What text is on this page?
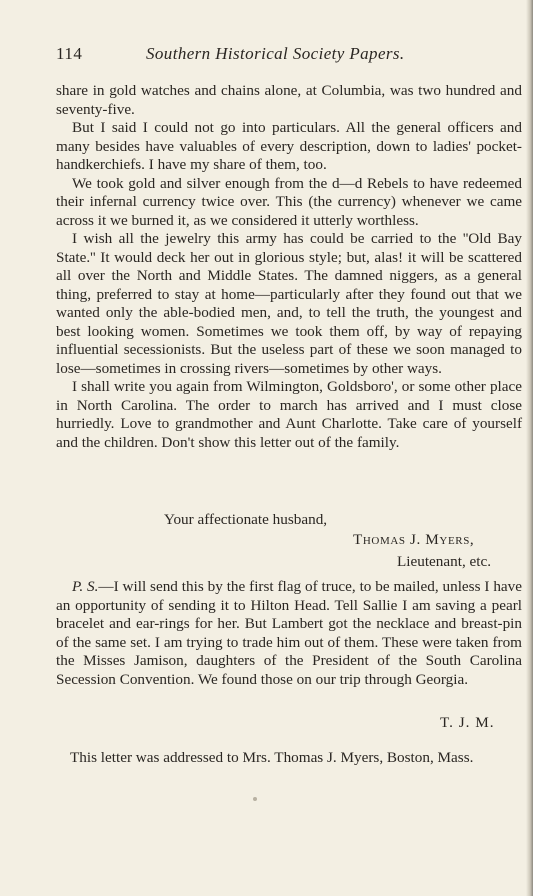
114	Southern Historical Society Papers.

share in gold watches and chains alone, at Columbia, was two hundred and seventy-five.

But I said I could not go into particulars. All the general officers and many besides have valuables of every description, down to ladies' pocket-handkerchiefs. I have my share of them, too.

We took gold and silver enough from the d—d Rebels to have redeemed their infernal currency twice over. This (the currency) whenever we came across it we burned it, as we considered it utterly worthless.

I wish all the jewelry this army has could be carried to the ''Old Bay State.'' It would deck her out in glorious style; but, alas! it will be scattered all over the North and Middle States. The damned niggers, as a general thing, preferred to stay at home—particularly after they found out that we wanted only the able-bodied men, and, to tell the truth, the youngest and best looking women. Sometimes we took them off, by way of repaying influential secessionists. But the useless part of these we soon managed to lose—sometimes in crossing rivers—sometimes by other ways.

I shall write you again from Wilmington, Goldsboro', or some other place in North Carolina. The order to march has arrived and I must close hurriedly. Love to grandmother and Aunt Charlotte. Take care of yourself and the children. Don't show this letter out of the family.

Your affectionate husband,
Thomas J. Myers,
Lieutenant, etc.

P. S.—I will send this by the first flag of truce, to be mailed, unless I have an opportunity of sending it to Hilton Head. Tell Sallie I am saving a pearl bracelet and ear-rings for her. But Lambert got the necklace and breast-pin of the same set. I am trying to trade him out of them. These were taken from the Misses Jamison, daughters of the President of the South Carolina Secession Convention. We found those on our trip through Georgia.

T. J. M.
This letter was addressed to Mrs. Thomas J. Myers, Boston, Mass.
